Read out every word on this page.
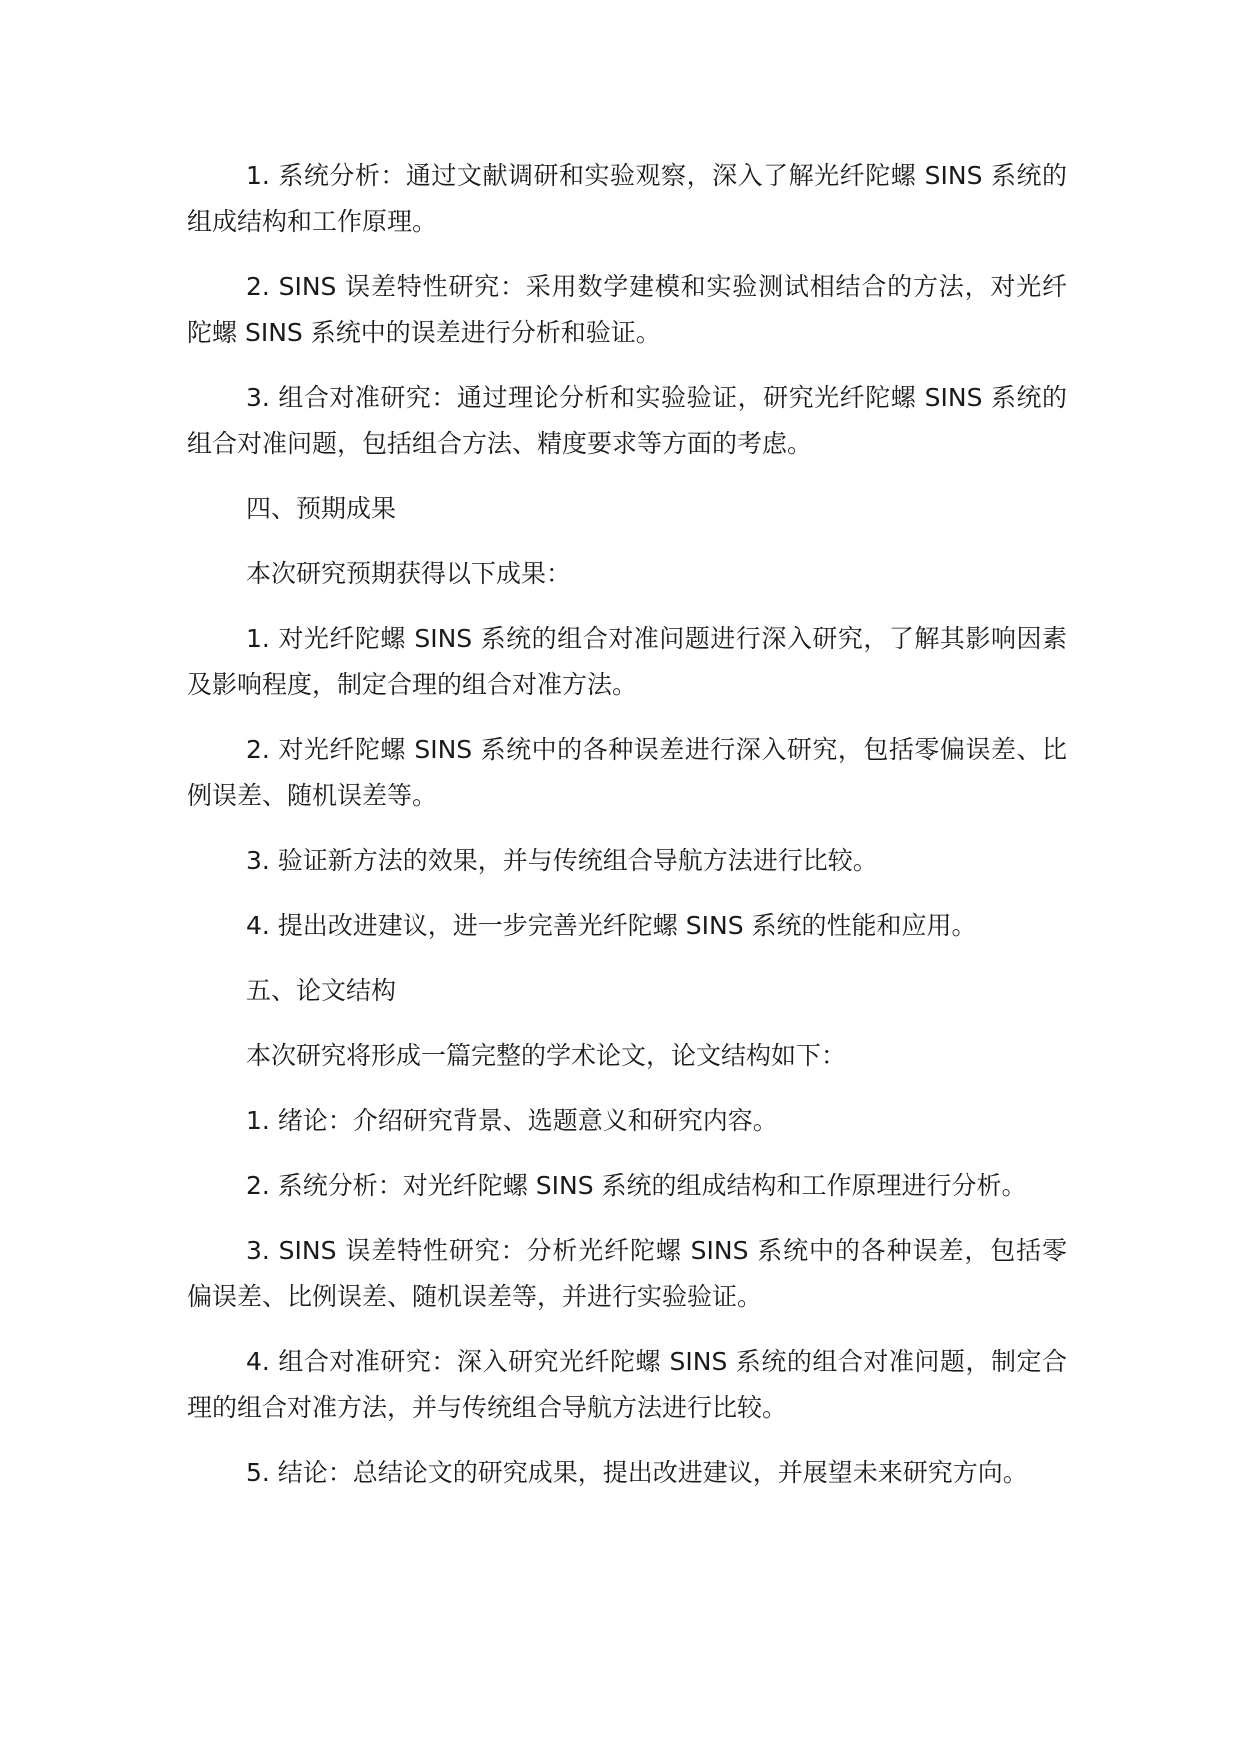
1. 系统分析：通过文献调研和实验观察，深入了解光纤陀螺 SINS 系统的组成结构和工作原理。

2. SINS 误差特性研究：采用数学建模和实验测试相结合的方法，对光纤陀螺 SINS 系统中的误差进行分析和验证。

3. 组合对准研究：通过理论分析和实验验证，研究光纤陀螺 SINS 系统的组合对准问题，包括组合方法、精度要求等方面的考虑。

四、预期成果

本次研究预期获得以下成果：

1. 对光纤陀螺 SINS 系统的组合对准问题进行深入研究，了解其影响因素及影响程度，制定合理的组合对准方法。

2. 对光纤陀螺 SINS 系统中的各种误差进行深入研究，包括零偏误差、比例误差、随机误差等。

3. 验证新方法的效果，并与传统组合导航方法进行比较。

4. 提出改进建议，进一步完善光纤陀螺 SINS 系统的性能和应用。

五、论文结构

本次研究将形成一篇完整的学术论文，论文结构如下：

1. 绪论：介绍研究背景、选题意义和研究内容。

2. 系统分析：对光纤陀螺 SINS 系统的组成结构和工作原理进行分析。

3. SINS 误差特性研究：分析光纤陀螺 SINS 系统中的各种误差，包括零偏误差、比例误差、随机误差等，并进行实验验证。

4. 组合对准研究：深入研究光纤陀螺 SINS 系统的组合对准问题，制定合理的组合对准方法，并与传统组合导航方法进行比较。

5. 结论：总结论文的研究成果，提出改进建议，并展望未来研究方向。
